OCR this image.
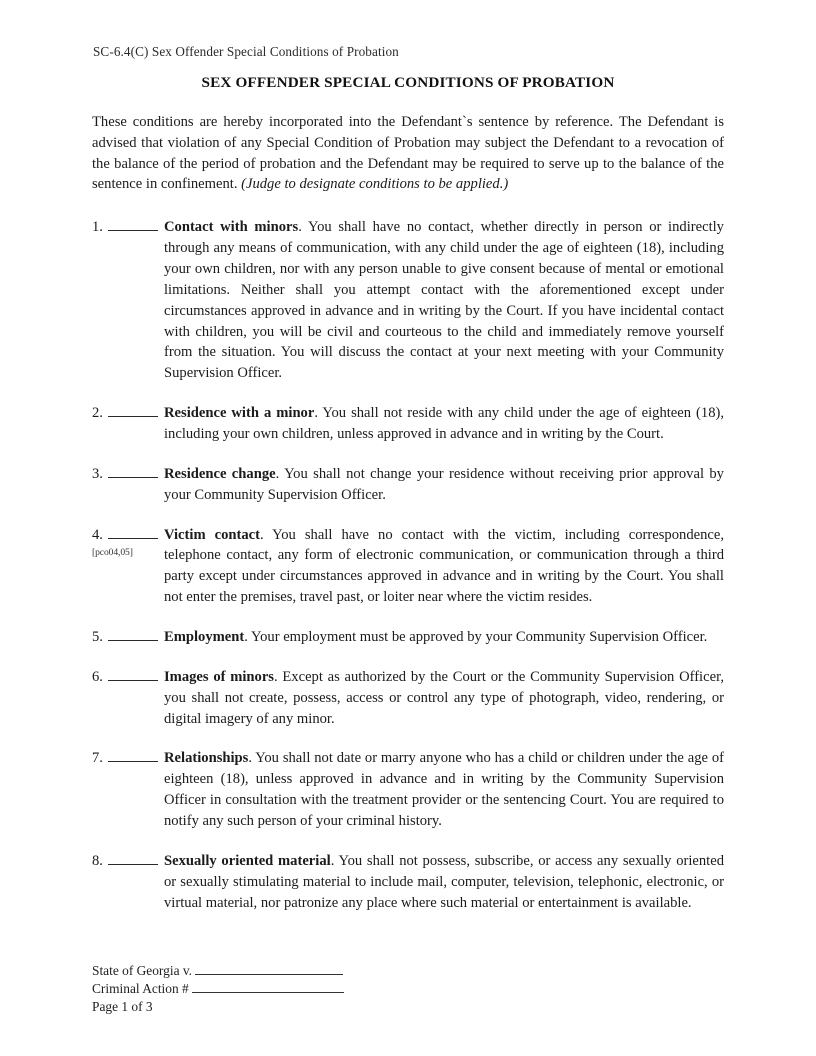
SC-6.4(C) Sex Offender Special Conditions of Probation
SEX OFFENDER SPECIAL CONDITIONS OF PROBATION

These conditions are hereby incorporated into the Defendant`s sentence by reference. The Defendant is advised that violation of any Special Condition of Probation may subject the Defendant to a revocation of the balance of the period of probation and the Defendant may be required to serve up to the balance of the sentence in confinement. (Judge to designate conditions to be applied.)

1.	Contact with minors. You shall have no contact, whether directly in person or indirectly through any means of communication, with any child under the age of eighteen (18), including your own children, nor with any person unable to give consent because of mental or emotional limitations. Neither shall you attempt contact with the aforementioned except under circumstances approved in advance and in writing by the Court. If you have incidental contact with children, you will be civil and courteous to the child and immediately remove yourself from the situation. You will discuss the contact at your next meeting with your Community Supervision Officer.
2.	Residence with a minor. You shall not reside with any child under the age of eighteen (18), including your own children, unless approved in advance and in writing by the Court.
3.	Residence change. You shall not change your residence without receiving prior approval by your Community Supervision Officer.
4.
[pco04,05]
Victim contact. You shall have no contact with the victim, including correspondence, telephone contact, any form of electronic communication, or communication through a third party except under circumstances approved in advance and in writing by the Court. You shall not enter the premises, travel past, or loiter near where the victim resides.
5.	Employment. Your employment must be approved by your Community Supervision Officer.
6.	Images of minors. Except as authorized by the Court or the Community Supervision Officer, you shall not create, possess, access or control any type of photograph, video, rendering, or digital imagery of any minor.
7.	Relationships. You shall not date or marry anyone who has a child or children under the age of eighteen (18), unless approved in advance and in writing by the Community Supervision Officer in consultation with the treatment provider or the sentencing Court. You are required to notify any such person of your criminal history.
8.	Sexually oriented material. You shall not possess, subscribe, or access any sexually oriented or sexually stimulating material to include mail, computer, television, telephonic, electronic, or virtual material, nor patronize any place where such material or entertainment is available.
State of Georgia v.
Criminal Action #
Page 1 of 3
